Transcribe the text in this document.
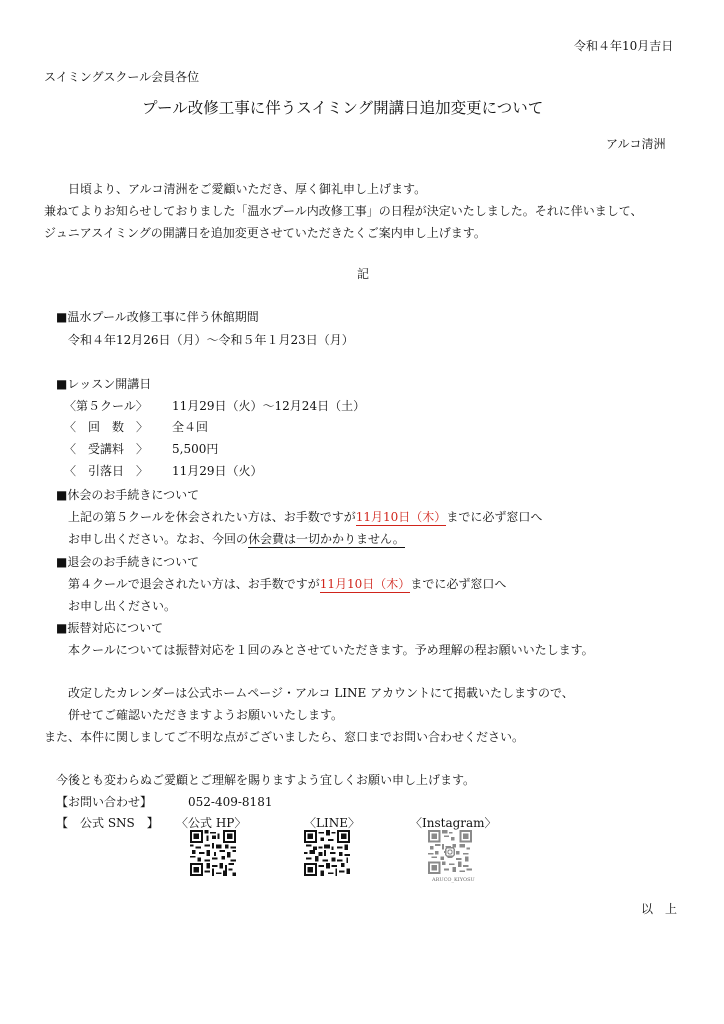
令和４年10月吉日
スイミングスクール会員各位
プール改修工事に伴うスイミング開講日追加変更について
アルコ清洲
日頃より、アルコ清洲をご愛顧いただき、厚く御礼申し上げます。
兼ねてよりお知らせしておりました「温水プール内改修工事」の日程が決定いたしました。それに伴いまして、
ジュニアスイミングの開講日を追加変更させていただきたくご案内申し上げます。
記
■温水プール改修工事に伴う休館期間
令和４年12月26日（月）～令和５年１月23日（月）
■レッスン開講日
〈第５クール〉 11月29日（火）～12月24日（土）
〈　回　数　〉 全４回
〈　受講料　〉 5,500円
〈　引落日　〉 11月29日（火）
■休会のお手続きについて
上記の第５クールを休会されたい方は、お手数ですが11月10日（木）までに必ず窓口へ
お申し出ください。なお、今回の休会費は一切かかりません。
■退会のお手続きについて
第４クールで退会されたい方は、お手数ですが11月10日（木）までに必ず窓口へ
お申し出ください。
■振替対応について
本クールについては振替対応を１回のみとさせていただきます。予め理解の程お願いいたします。
改定したカレンダーは公式ホームページ・アルコ LINE アカウントにて掲載いたしますので、
併せてご確認いただきますようお願いいたします。
また、本件に関しましてご不明な点がございましたら、窓口までお問い合わせください。
今後とも変わらぬご愛顧とご理解を賜りますよう宜しくお願い申し上げます。
【お問い合わせ】	052-409-8181
【　公式 SNS　】 〈公式 HP〉	〈LINE〉	〈Instagram〉
ARUCO_KIYOSU
以　上
